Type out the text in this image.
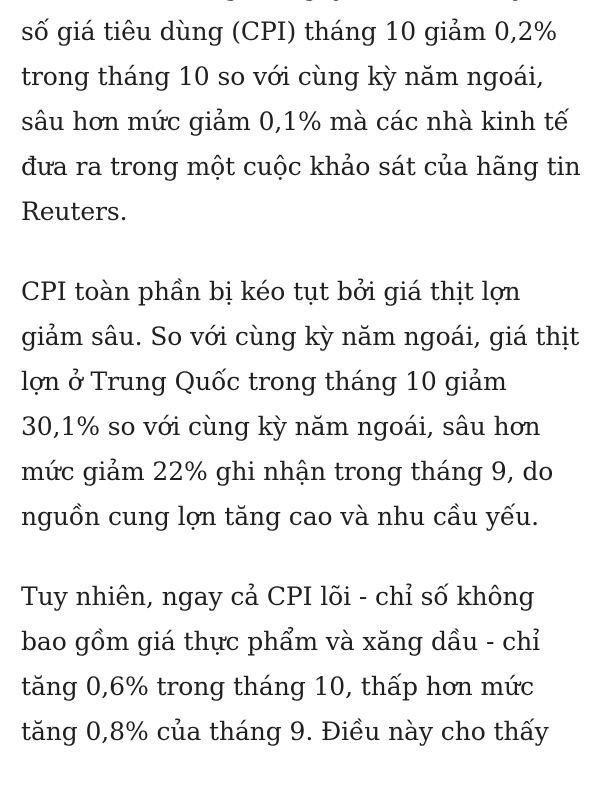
số giá tiêu dùng (CPI) tháng 10 giảm 0,2%
trong tháng 10 so với cùng kỳ năm ngoái,
sâu hơn mức giảm 0,1% mà các nhà kinh tế
đưa ra trong một cuộc khảo sát của hãng tin
Reuters.

CPI toàn phần bị kéo tụt bởi giá thịt lợn
giảm sâu. So với cùng kỳ năm ngoái, giá thịt
lợn ở Trung Quốc trong tháng 10 giảm
30,1% so với cùng kỳ năm ngoái, sâu hơn
mức giảm 22% ghi nhận trong tháng 9, do
nguồn cung lợn tăng cao và nhu cầu yếu.

Tuy nhiên, ngay cả CPI lõi - chỉ số không
bao gồm giá thực phẩm và xăng dầu - chỉ
tăng 0,6% trong tháng 10, thấp hơn mức
tăng 0,8% của tháng 9. Điều này cho thấy
